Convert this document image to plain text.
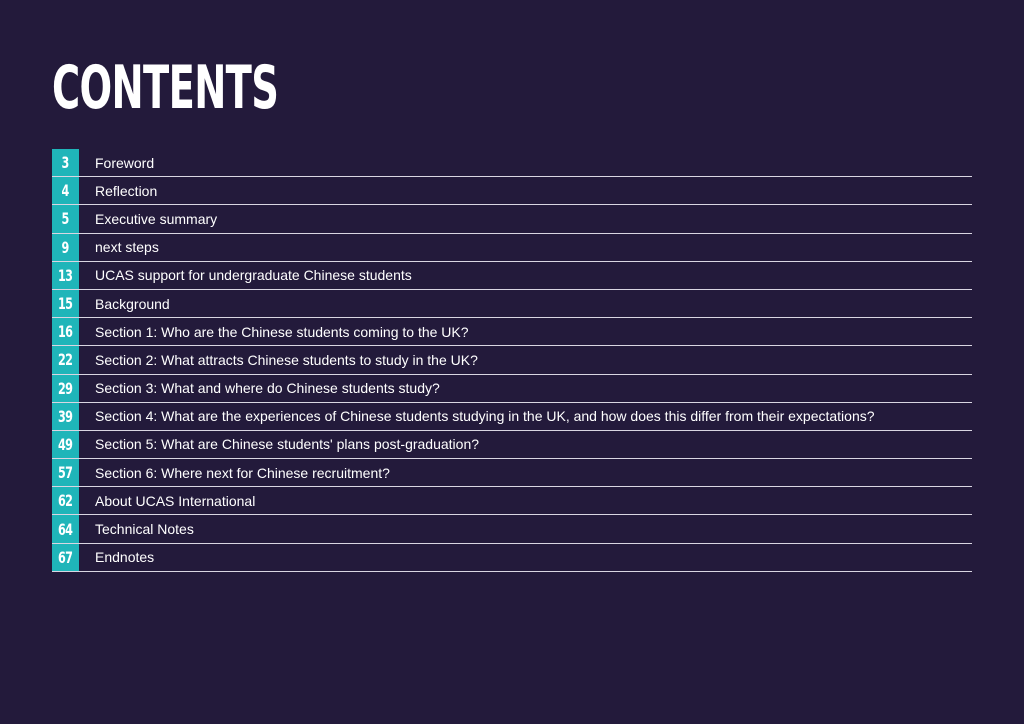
CONTENTS
3	Foreword
4	Reflection
5	Executive summary
9	next steps
13	UCAS support for undergraduate Chinese students
15	Background
16	Section 1: Who are the Chinese students coming to the UK?
22	Section 2: What attracts Chinese students to study in the UK?
29	Section 3: What and where do Chinese students study?
39	Section 4: What are the experiences of Chinese students studying in the UK, and how does this differ from their expectations?
49	Section 5: What are Chinese students' plans post-graduation?
57	Section 6: Where next for Chinese recruitment?
62	About UCAS International
64	Technical Notes
67	Endnotes
